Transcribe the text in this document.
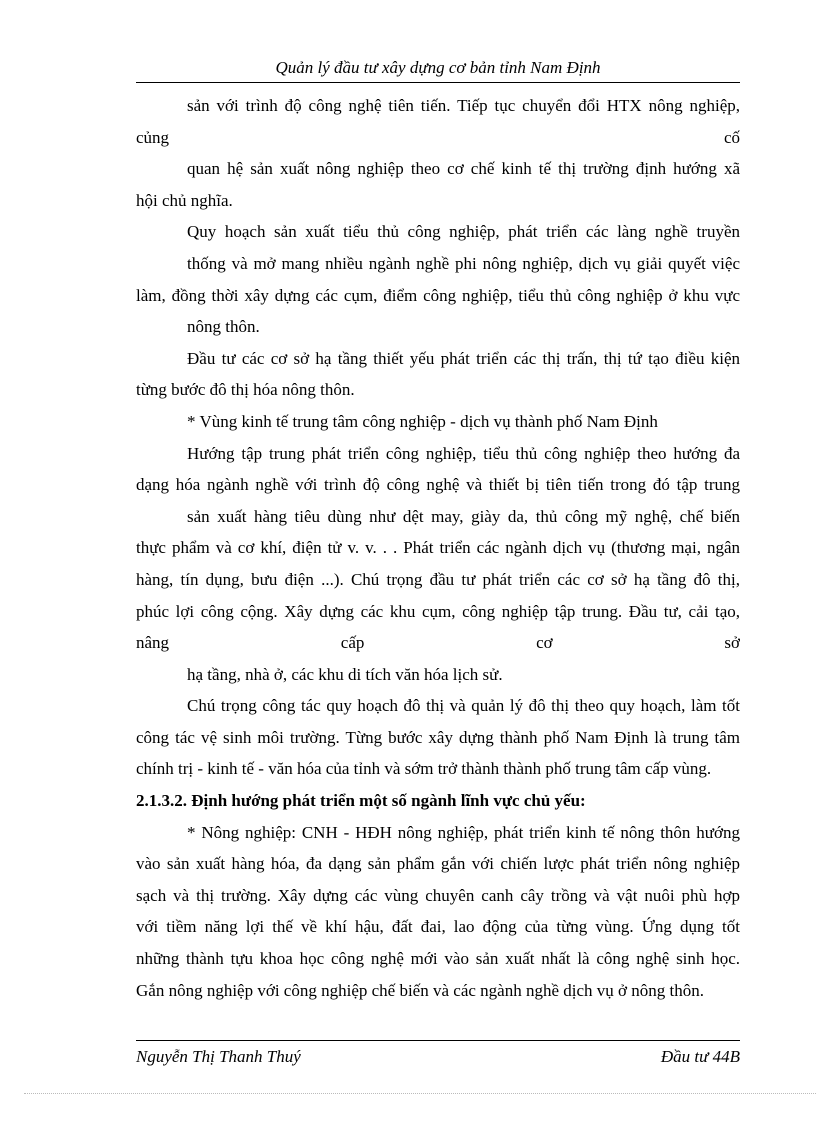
Quản lý đầu tư xây dựng cơ bản tỉnh Nam Định
sản với trình độ công nghệ tiên tiến. Tiếp tục chuyển đổi HTX nông nghiệp,
củng	cố
quan hệ sản xuất nông nghiệp theo cơ chế kinh tế thị trường định hướng xã
hội chủ nghĩa.
Quy hoạch sản xuất tiểu thủ công nghiệp, phát triển các làng nghề truyền
thống và mở mang nhiều ngành nghề phi nông nghiệp, dịch vụ giải quyết việc
làm, đồng thời xây dựng các cụm, điểm công nghiệp, tiểu thủ công nghiệp ở khu vực
nông thôn.
Đầu tư các cơ sở hạ tầng thiết yếu phát triển các thị trấn, thị tứ tạo điều kiện
từng bước đô thị hóa nông thôn.
* Vùng kinh tế trung tâm công nghiệp - dịch vụ thành phố Nam Định
Hướng tập trung phát triển công nghiệp, tiểu thủ công nghiệp theo hướng đa
dạng hóa ngành nghề với trình độ công nghệ và thiết bị tiên tiến trong đó tập trung
sản xuất hàng tiêu dùng như dệt may, giày da, thủ công mỹ nghệ, chế biến
thực phẩm và cơ khí, điện tử v. v. . . Phát triển các ngành dịch vụ (thương mại, ngân
hàng, tín dụng, bưu điện ...). Chú trọng đầu tư phát triển các cơ sở hạ tầng đô thị,
phúc lợi công cộng. Xây dựng các khu cụm, công nghiệp tập trung. Đầu tư, cải tạo,
nâng	cấp	cơ	sở
hạ tầng, nhà ở, các khu di tích văn hóa lịch sử.
Chú trọng công tác quy hoạch đô thị và quản lý đô thị theo quy hoạch, làm tốt
công tác vệ sinh môi trường. Từng bước xây dựng thành phố Nam Định là trung tâm
chính trị - kinh tế - văn hóa của tỉnh và sớm trở thành thành phố trung tâm cấp vùng.
2.1.3.2. Định hướng phát triển một số ngành lĩnh vực chủ yếu:
* Nông nghiệp: CNH - HĐH nông nghiệp, phát triển kinh tế nông thôn hướng
vào sản xuất hàng hóa, đa dạng sản phẩm gắn với chiến lược phát triển nông nghiệp
sạch và thị trường. Xây dựng các vùng chuyên canh cây trồng và vật nuôi phù hợp
với tiềm năng lợi thế về khí hậu, đất đai, lao động của từng vùng. Ứng dụng tốt
những thành tựu khoa học công nghệ mới vào sản xuất nhất là công nghệ sinh học.
Gắn nông nghiệp với công nghiệp chế biến và các ngành nghề dịch vụ ở nông thôn.
Nguyễn Thị Thanh Thuý	Đầu tư 44B
